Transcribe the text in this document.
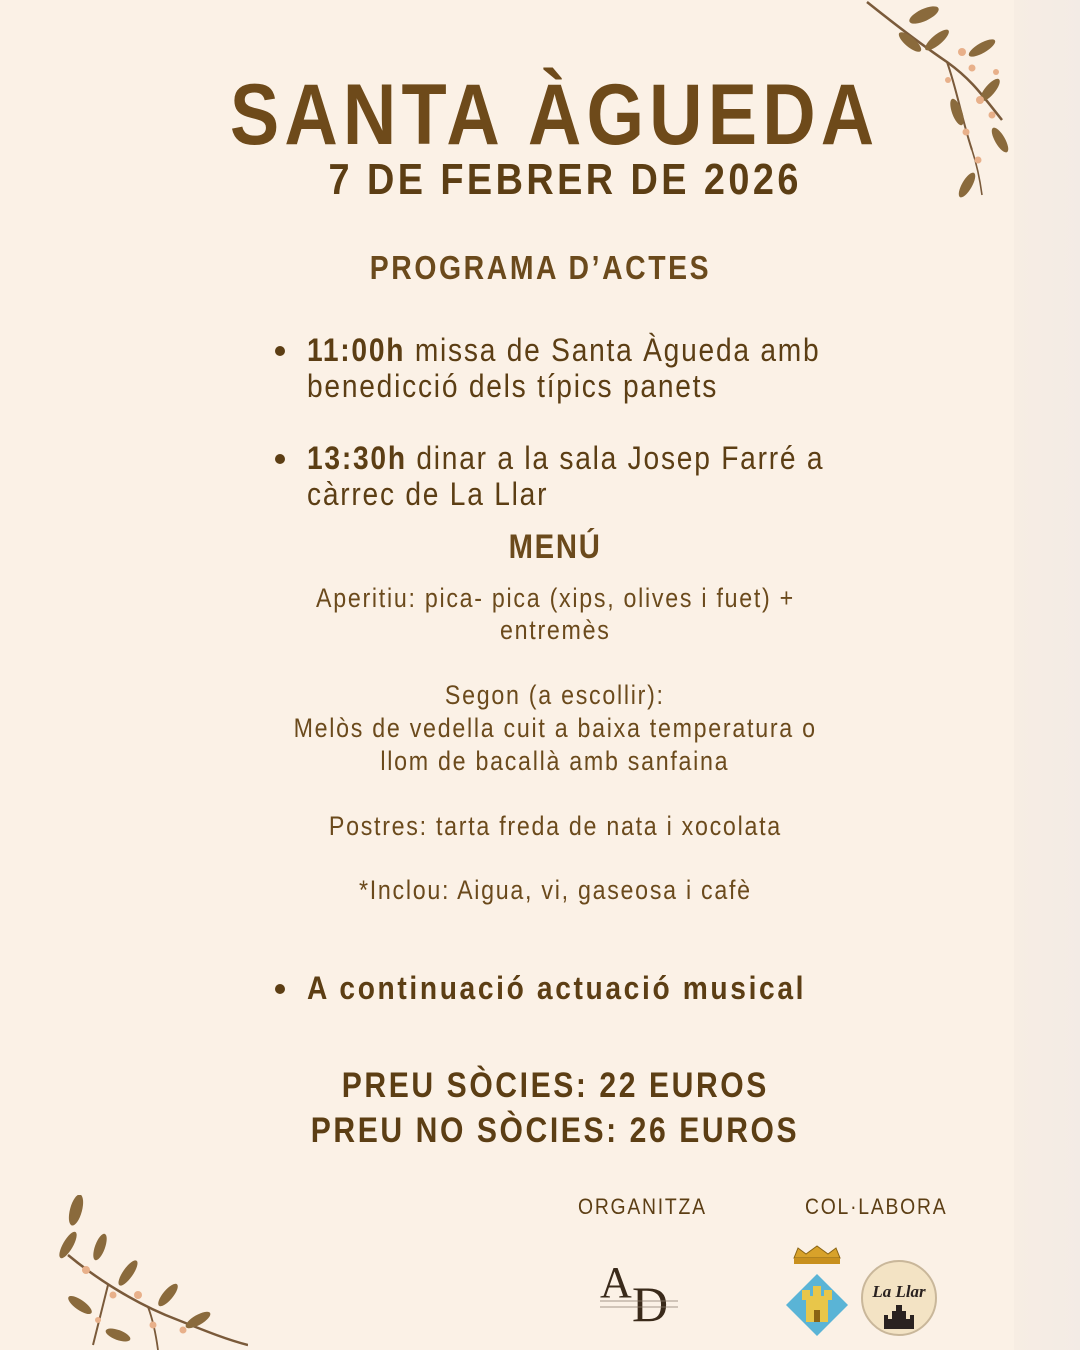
SANTA ÀGUEDA
7 DE FEBRER DE 2026
PROGRAMA D’ACTES
11:00h missa de Santa Àgueda amb
benedicció dels típics panets
13:30h dinar a la sala Josep Farré a
càrrec de La Llar
MENÚ
Aperitiu: pica- pica (xips, olives i fuet) +
entremès
Segon (a escollir):
Melòs de vedella cuit a baixa temperatura o
llom de bacallà amb sanfaina
Postres: tarta freda de nata i xocolata
*Inclou: Aigua, vi, gaseosa i cafè
A continuació actuació musical
PREU SÒCIES: 22 EUROS
PREU NO SÒCIES: 26 EUROS
ORGANITZA	COL·LABORA
A D	La Llar
